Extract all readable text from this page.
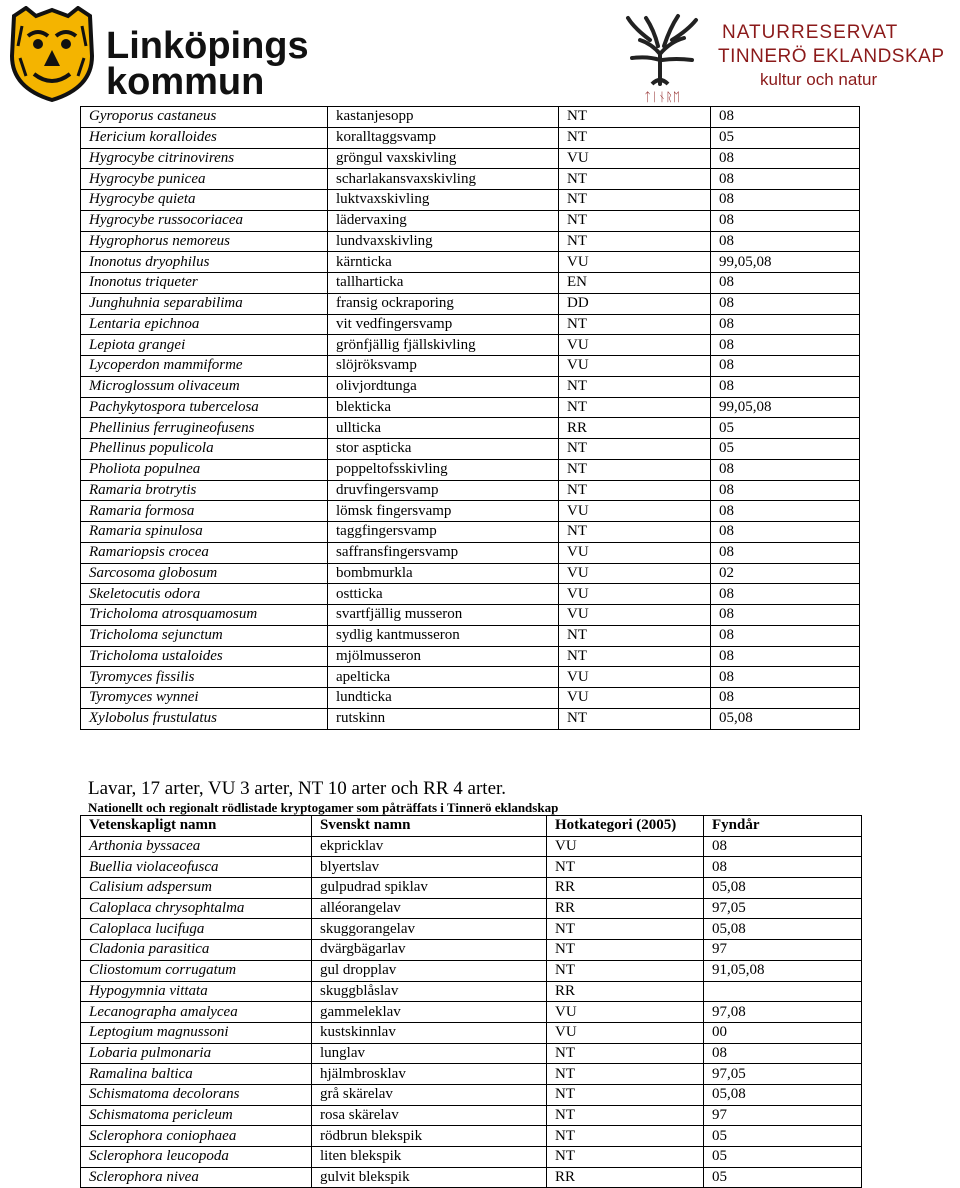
Linköpings
kommun	ᛏᛁᚾᚱᛖ
NATURRESERVAT
TINNERÖ EKLANDSKAP
kultur och natur
Gyroporus castaneus	kastanjesopp	NT	08
Hericium koralloides	koralltaggsvamp	NT	05
Hygrocybe citrinovirens	gröngul vaxskivling	VU	08
Hygrocybe punicea	scharlakansvaxskivling	NT	08
Hygrocybe quieta	luktvaxskivling	NT	08
Hygrocybe russocoriacea	lädervaxing	NT	08
Hygrophorus nemoreus	lundvaxskivling	NT	08
Inonotus dryophilus	kärnticka	VU	99,05,08
Inonotus triqueter	tallharticka	EN	08
Junghuhnia separabilima	fransig ockraporing	DD	08
Lentaria epichnoa	vit vedfingersvamp	NT	08
Lepiota grangei	grönfjällig fjällskivling	VU	08
Lycoperdon mammiforme	slöjröksvamp	VU	08
Microglossum olivaceum	olivjordtunga	NT	08
Pachykytospora tubercelosa	blekticka	NT	99,05,08
Phellinius ferrugineofusens	ullticka	RR	05
Phellinus populicola	stor aspticka	NT	05
Pholiota populnea	poppeltofsskivling	NT	08
Ramaria brotrytis	druvfingersvamp	NT	08
Ramaria formosa	lömsk fingersvamp	VU	08
Ramaria spinulosa	taggfingersvamp	NT	08
Ramariopsis crocea	saffransfingersvamp	VU	08
Sarcosoma globosum	bombmurkla	VU	02
Skeletocutis odora	ostticka	VU	08
Tricholoma atrosquamosum	svartfjällig musseron	VU	08
Tricholoma sejunctum	sydlig kantmusseron	NT	08
Tricholoma ustaloides	mjölmusseron	NT	08
Tyromyces fissilis	apelticka	VU	08
Tyromyces wynnei	lundticka	VU	08
Xylobolus frustulatus	rutskinn	NT	05,08
Lavar, 17 arter, VU 3 arter, NT 10 arter och RR 4 arter.
Nationellt och regionalt rödlistade kryptogamer som påträffats i Tinnerö eklandskap
Vetenskapligt namn	Svenskt namn	Hotkategori (2005)	Fyndår
Arthonia byssacea	ekpricklav	VU	08
Buellia violaceofusca	blyertslav	NT	08
Calisium adspersum	gulpudrad spiklav	RR	05,08
Caloplaca chrysophtalma	alléorangelav	RR	97,05
Caloplaca lucifuga	skuggorangelav	NT	05,08
Cladonia parasitica	dvärgbägarlav	NT	97
Cliostomum corrugatum	gul dropplav	NT	91,05,08
Hypogymnia vittata	skuggblåslav	RR	
Lecanographa amalycea	gammeleklav	VU	97,08
Leptogium magnussoni	kustskinnlav	VU	00
Lobaria pulmonaria	lunglav	NT	08
Ramalina baltica	hjälmbrosklav	NT	97,05
Schismatoma decolorans	grå skärelav	NT	05,08
Schismatoma pericleum	rosa skärelav	NT	97
Sclerophora coniophaea	rödbrun blekspik	NT	05
Sclerophora leucopoda	liten blekspik	NT	05
Sclerophora nivea	gulvit blekspik	RR	05
